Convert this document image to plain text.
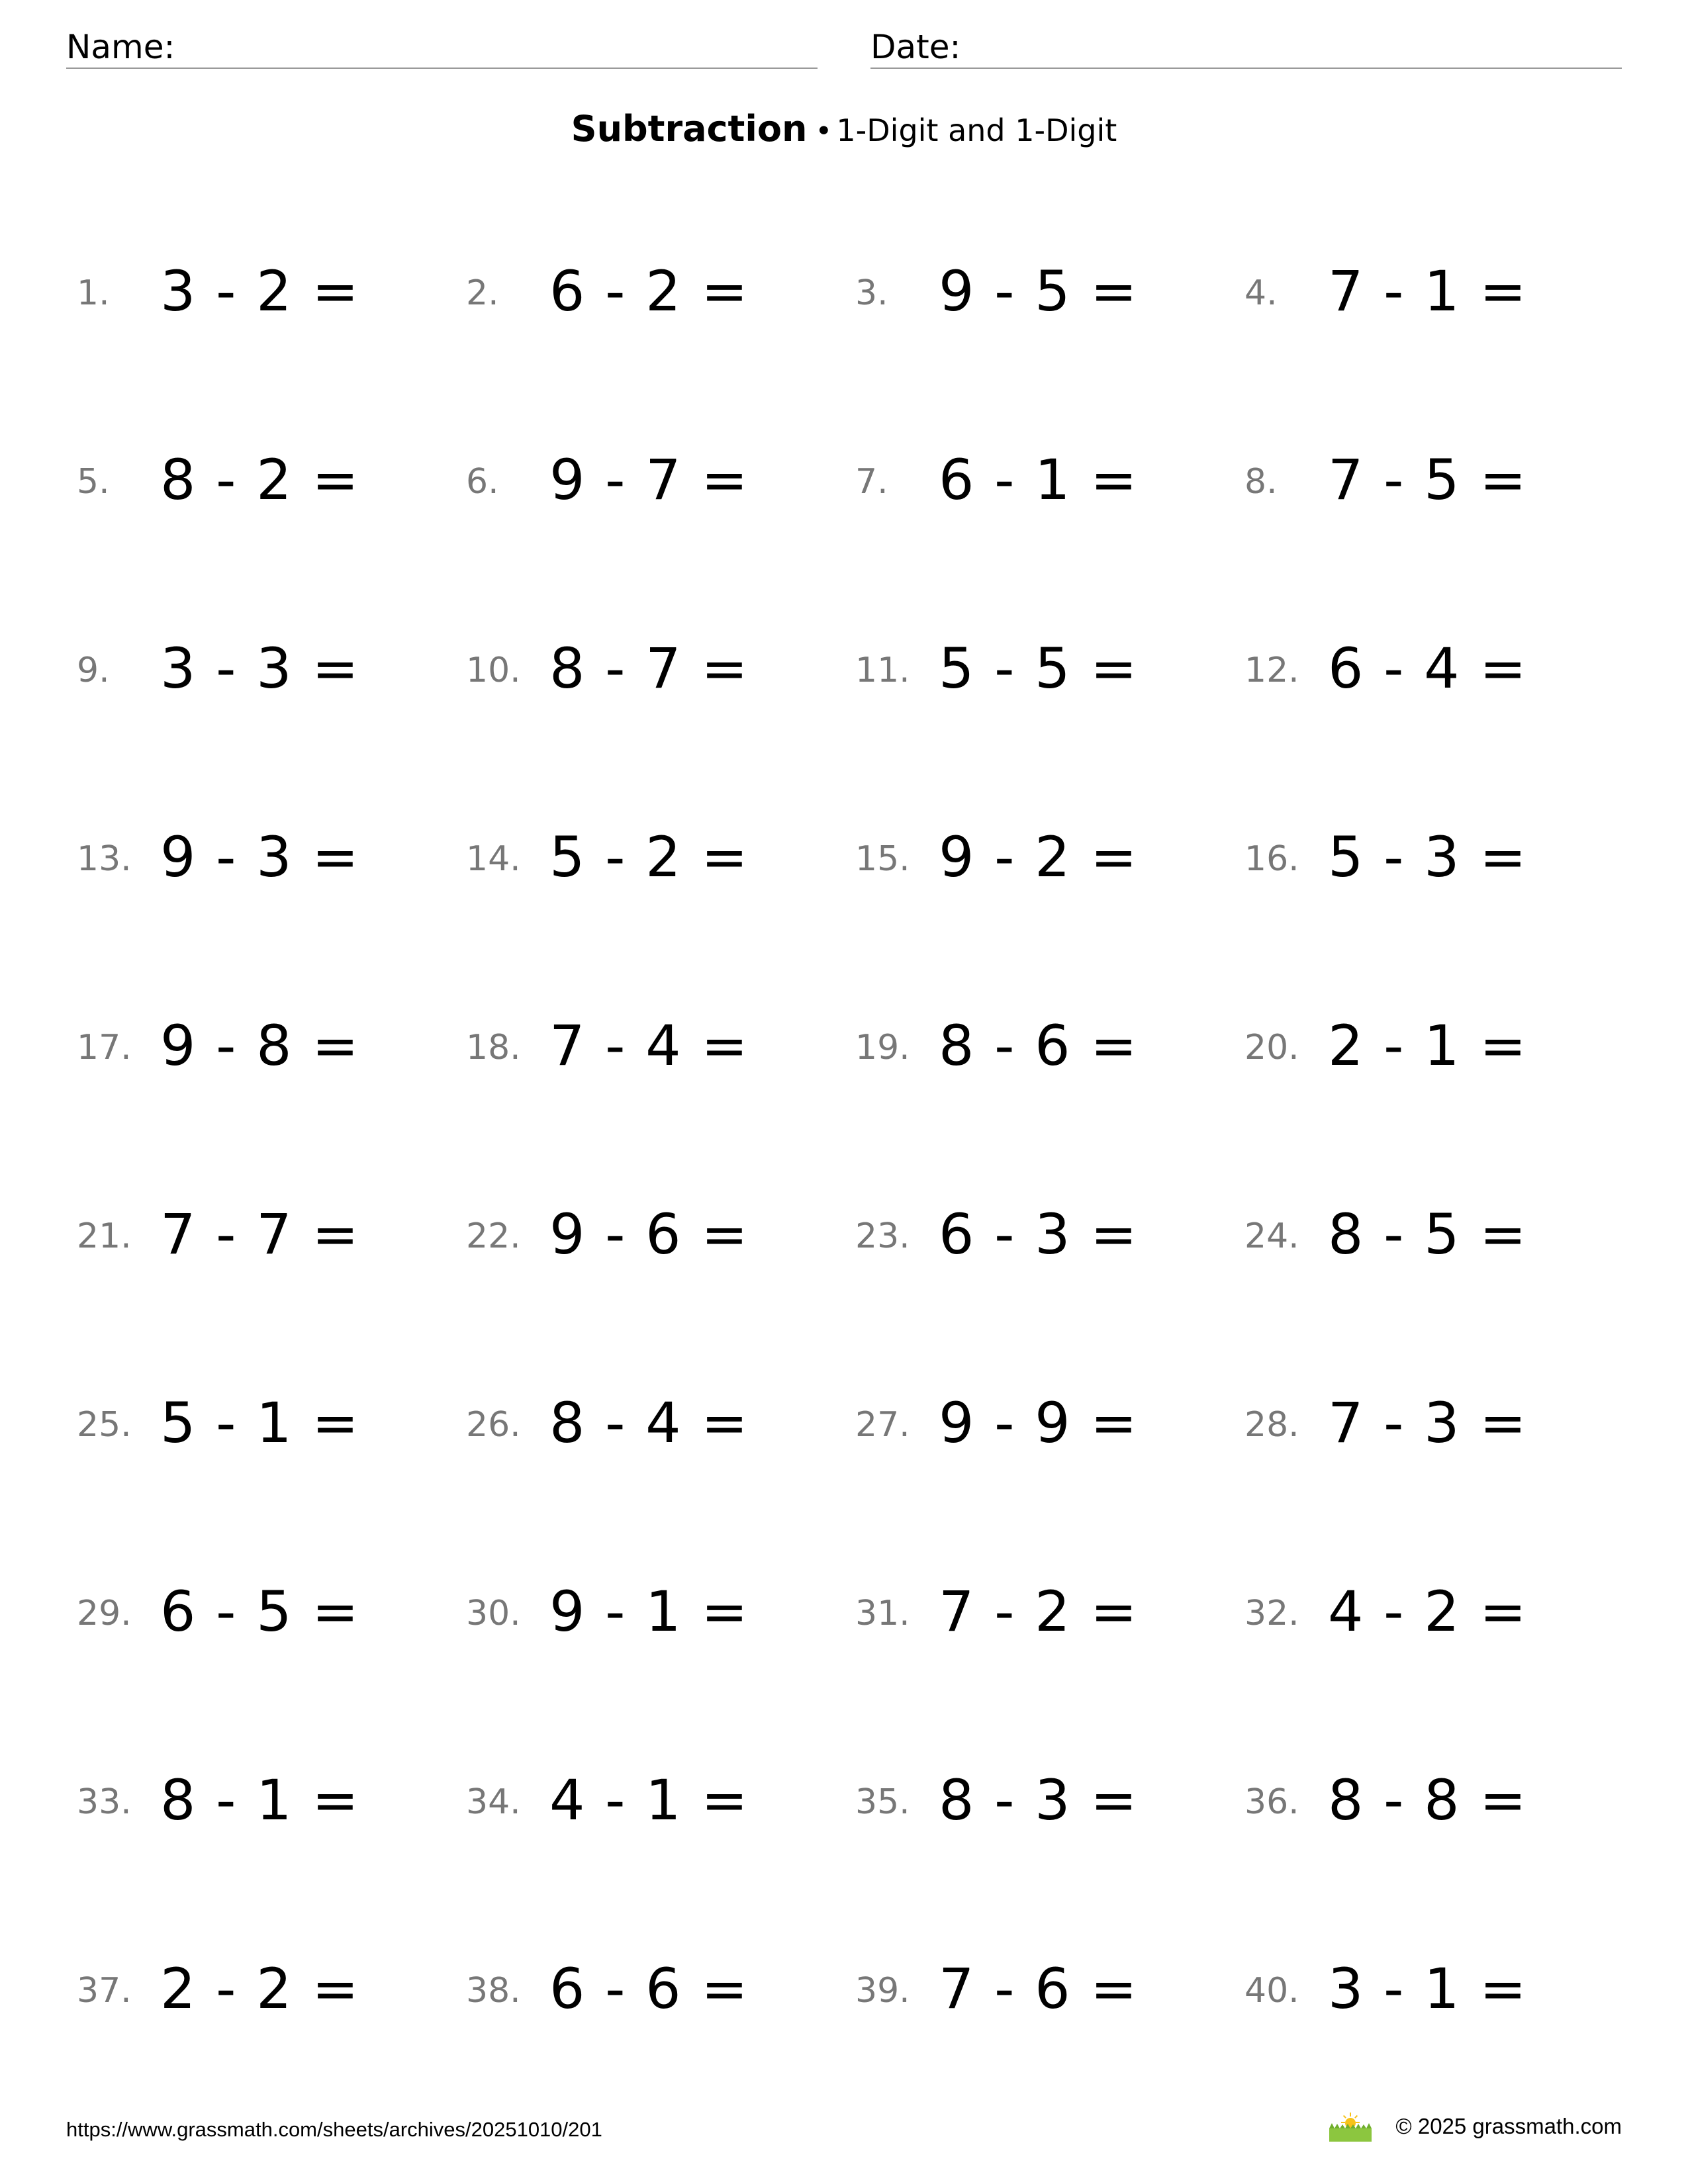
Name:	Date:
Subtraction • 1-Digit and 1-Digit
1. 3 - 2 =	2. 6 - 2 =	3. 9 - 5 =	4. 7 - 1 =
5. 8 - 2 =	6. 9 - 7 =	7. 6 - 1 =	8. 7 - 5 =
9. 3 - 3 =	10. 8 - 7 =	11. 5 - 5 =	12. 6 - 4 =
13. 9 - 3 =	14. 5 - 2 =	15. 9 - 2 =	16. 5 - 3 =
17. 9 - 8 =	18. 7 - 4 =	19. 8 - 6 =	20. 2 - 1 =
21. 7 - 7 =	22. 9 - 6 =	23. 6 - 3 =	24. 8 - 5 =
25. 5 - 1 =	26. 8 - 4 =	27. 9 - 9 =	28. 7 - 3 =
29. 6 - 5 =	30. 9 - 1 =	31. 7 - 2 =	32. 4 - 2 =
33. 8 - 1 =	34. 4 - 1 =	35. 8 - 3 =	36. 8 - 8 =
37. 2 - 2 =	38. 6 - 6 =	39. 7 - 6 =	40. 3 - 1 =
https://www.grassmath.com/sheets/archives/20251010/201	© 2025 grassmath.com
